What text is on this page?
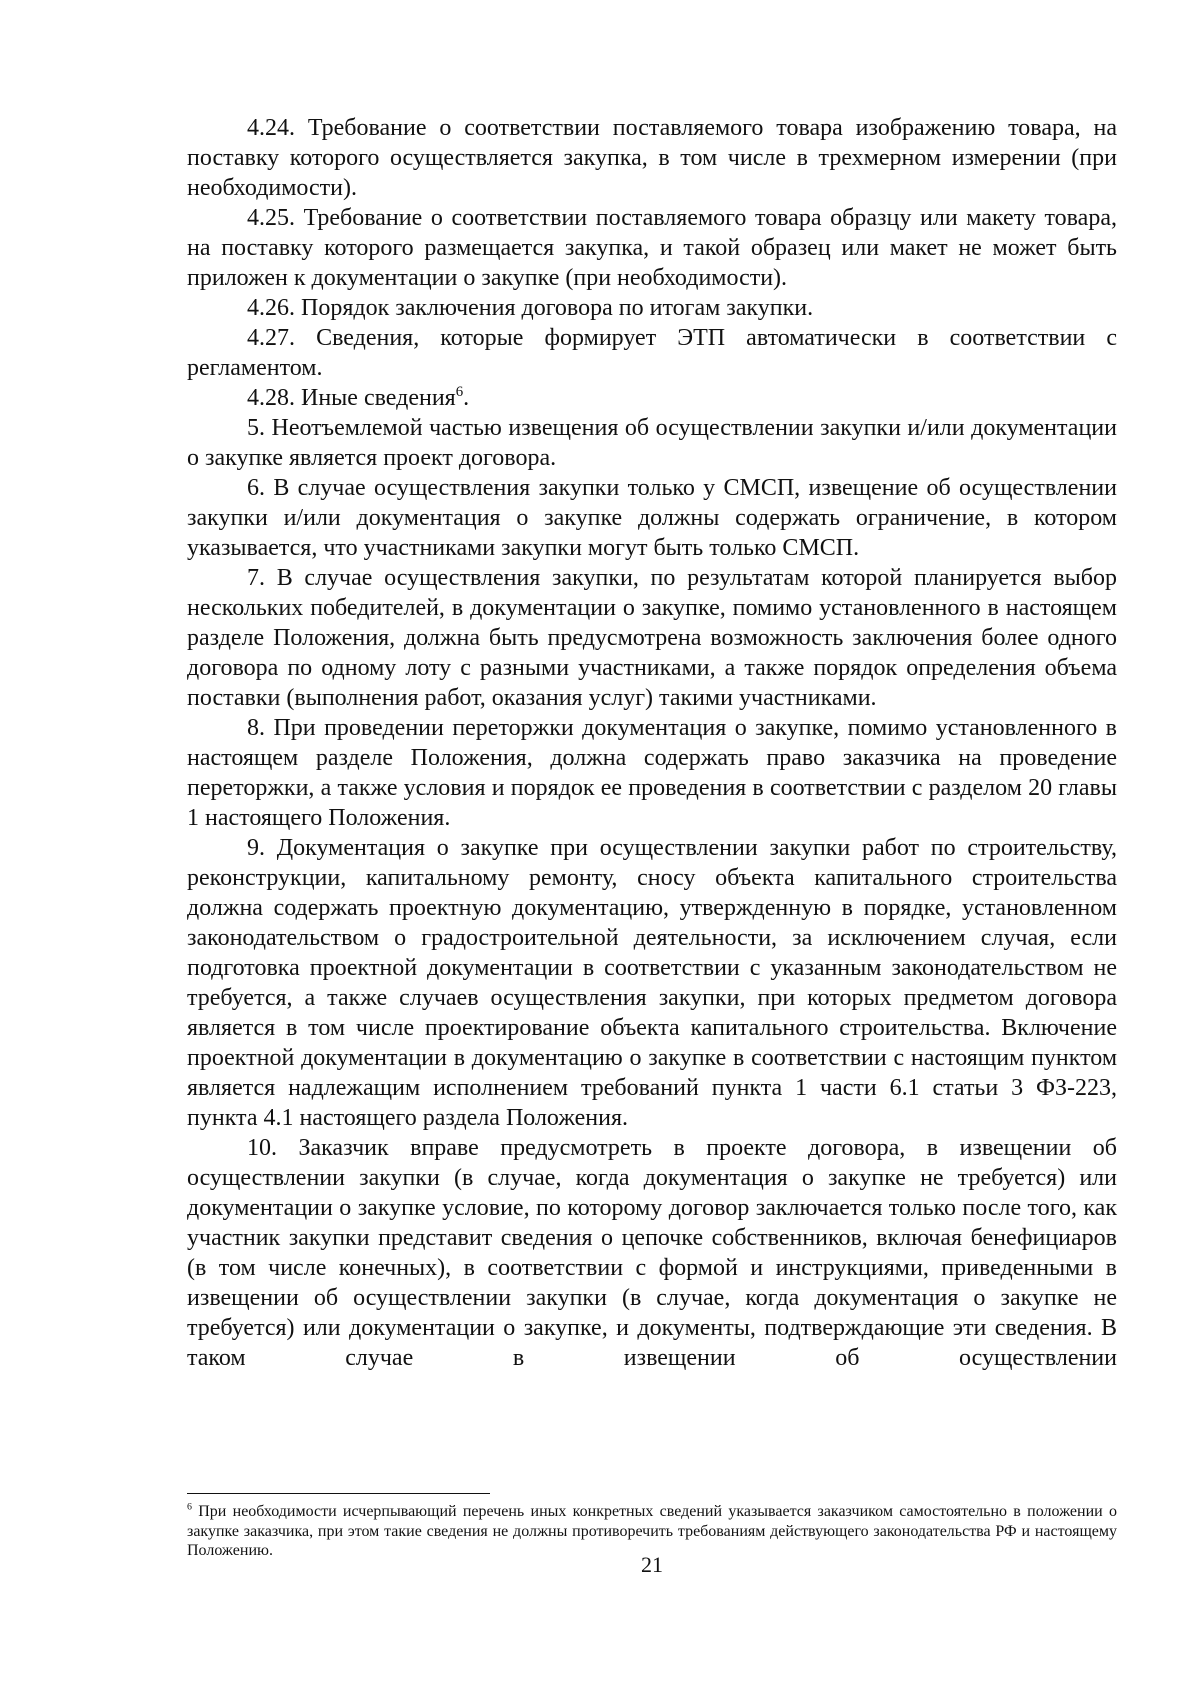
4.24. Требование о соответствии поставляемого товара изображению товара, на поставку которого осуществляется закупка, в том числе в трехмерном измерении (при необходимости).

4.25. Требование о соответствии поставляемого товара образцу или макету товара, на поставку которого размещается закупка, и такой образец или макет не может быть приложен к документации о закупке (при необходимости).

4.26. Порядок заключения договора по итогам закупки.

4.27. Сведения, которые формирует ЭТП автоматически в соответствии с регламентом.

4.28. Иные сведения$^6$.

5. Неотъемлемой частью извещения об осуществлении закупки и/или документации о закупке является проект договора.

6. В случае осуществления закупки только у СМСП, извещение об осуществлении закупки и/или документация о закупке должны содержать ограничение, в котором указывается, что участниками закупки могут быть только СМСП.

7. В случае осуществления закупки, по результатам которой планируется выбор нескольких победителей, в документации о закупке, помимо установленного в настоящем разделе Положения, должна быть предусмотрена возможность заключения более одного договора по одному лоту с разными участниками, а также порядок определения объема поставки (выполнения работ, оказания услуг) такими участниками.

8. При проведении переторжки документация о закупке, помимо установленного в настоящем разделе Положения, должна содержать право заказчика на проведение переторжки, а также условия и порядок ее проведения в соответствии с разделом 20 главы 1 настоящего Положения.

9. Документация о закупке при осуществлении закупки работ по строительству, реконструкции, капитальному ремонту, сносу объекта капитального строительства должна содержать проектную документацию, утвержденную в порядке, установленном законодательством о градостроительной деятельности, за исключением случая, если подготовка проектной документации в соответствии с указанным законодательством не требуется, а также случаев осуществления закупки, при которых предметом договора является в том числе проектирование объекта капитального строительства. Включение проектной документации в документацию о закупке в соответствии с настоящим пунктом является надлежащим исполнением требований пункта 1 части 6.1 статьи 3 ФЗ-223, пункта 4.1 настоящего раздела Положения.

10. Заказчик вправе предусмотреть в проекте договора, в извещении об осуществлении закупки (в случае, когда документация о закупке не требуется) или документации о закупке условие, по которому договор заключается только после того, как участник закупки представит сведения о цепочке собственников, включая бенефициаров (в том числе конечных), в соответствии с формой и инструкциями, приведенными в извещении об осуществлении закупки (в случае, когда документация о закупке не требуется) или документации о закупке, и документы, подтверждающие эти сведения. В таком случае в извещении об осуществлении

$^6$ При необходимости исчерпывающий перечень иных конкретных сведений указывается заказчиком самостоятельно в положении о закупке заказчика, при этом такие сведения не должны противоречить требованиям действующего законодательства РФ и настоящему Положению.
21
